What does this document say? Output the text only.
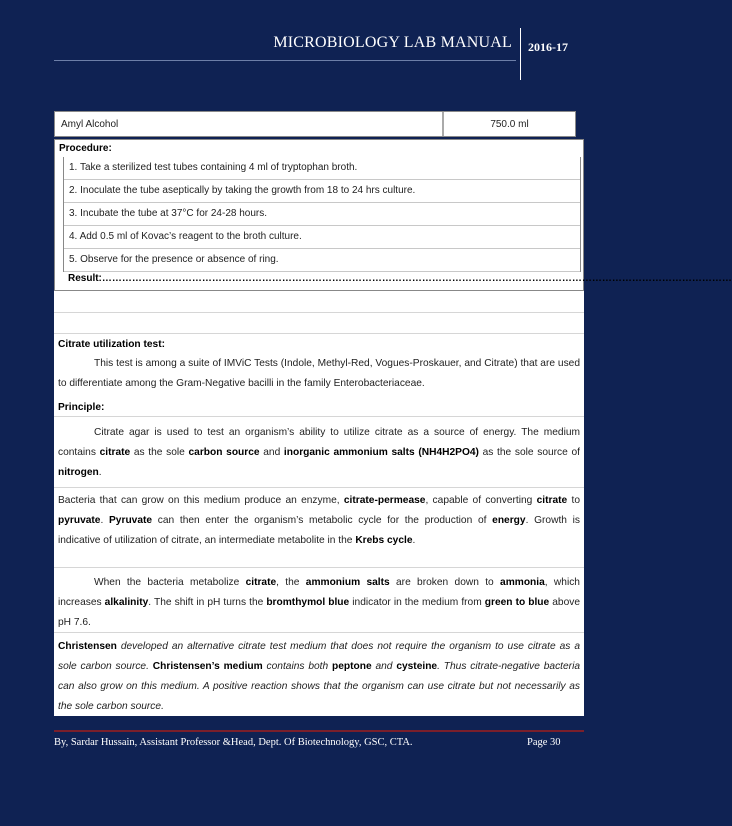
MICROBIOLOGY LAB MANUAL 2016-17
Amyl Alcohol	750.0 ml
Procedure:
1. Take a sterilized test tubes containing 4 ml of tryptophan broth.
2. Inoculate the tube aseptically by taking the growth from 18 to 24 hrs culture.
3. Incubate the tube at 37°C for 24-28 hours.
4. Add 0.5 ml of Kovac’s reagent to the broth culture.
5. Observe for the presence or absence of ring.
Result:………………………………………………………………………………………………………………………………………………………………………
Citrate utilization test:
This test is among a suite of IMViC Tests (Indole, Methyl-Red, Vogues-Proskauer, and Citrate) that are used to differentiate among the Gram-Negative bacilli in the family Enterobacteriaceae.
Principle:
Citrate agar is used to test an organism’s ability to utilize citrate as a source of energy. The medium contains citrate as the sole carbon source and inorganic ammonium salts (NH4H2PO4) as the sole source of nitrogen.
Bacteria that can grow on this medium produce an enzyme, citrate-permease, capable of converting citrate to pyruvate. Pyruvate can then enter the organism’s metabolic cycle for the production of energy. Growth is indicative of utilization of citrate, an intermediate metabolite in the Krebs cycle.
When the bacteria metabolize citrate, the ammonium salts are broken down to ammonia, which increases alkalinity. The shift in pH turns the bromthymol blue indicator in the medium from green to blue above pH 7.6.
Christensen developed an alternative citrate test medium that does not require the organism to use citrate as a sole carbon source. Christensen’s medium contains both peptone and cysteine. Thus citrate-negative bacteria can also grow on this medium. A positive reaction shows that the organism can use citrate but not necessarily as the sole carbon source.
By, Sardar Hussain, Assistant Professor &Head, Dept. Of Biotechnology, GSC, CTA.	Page 30
